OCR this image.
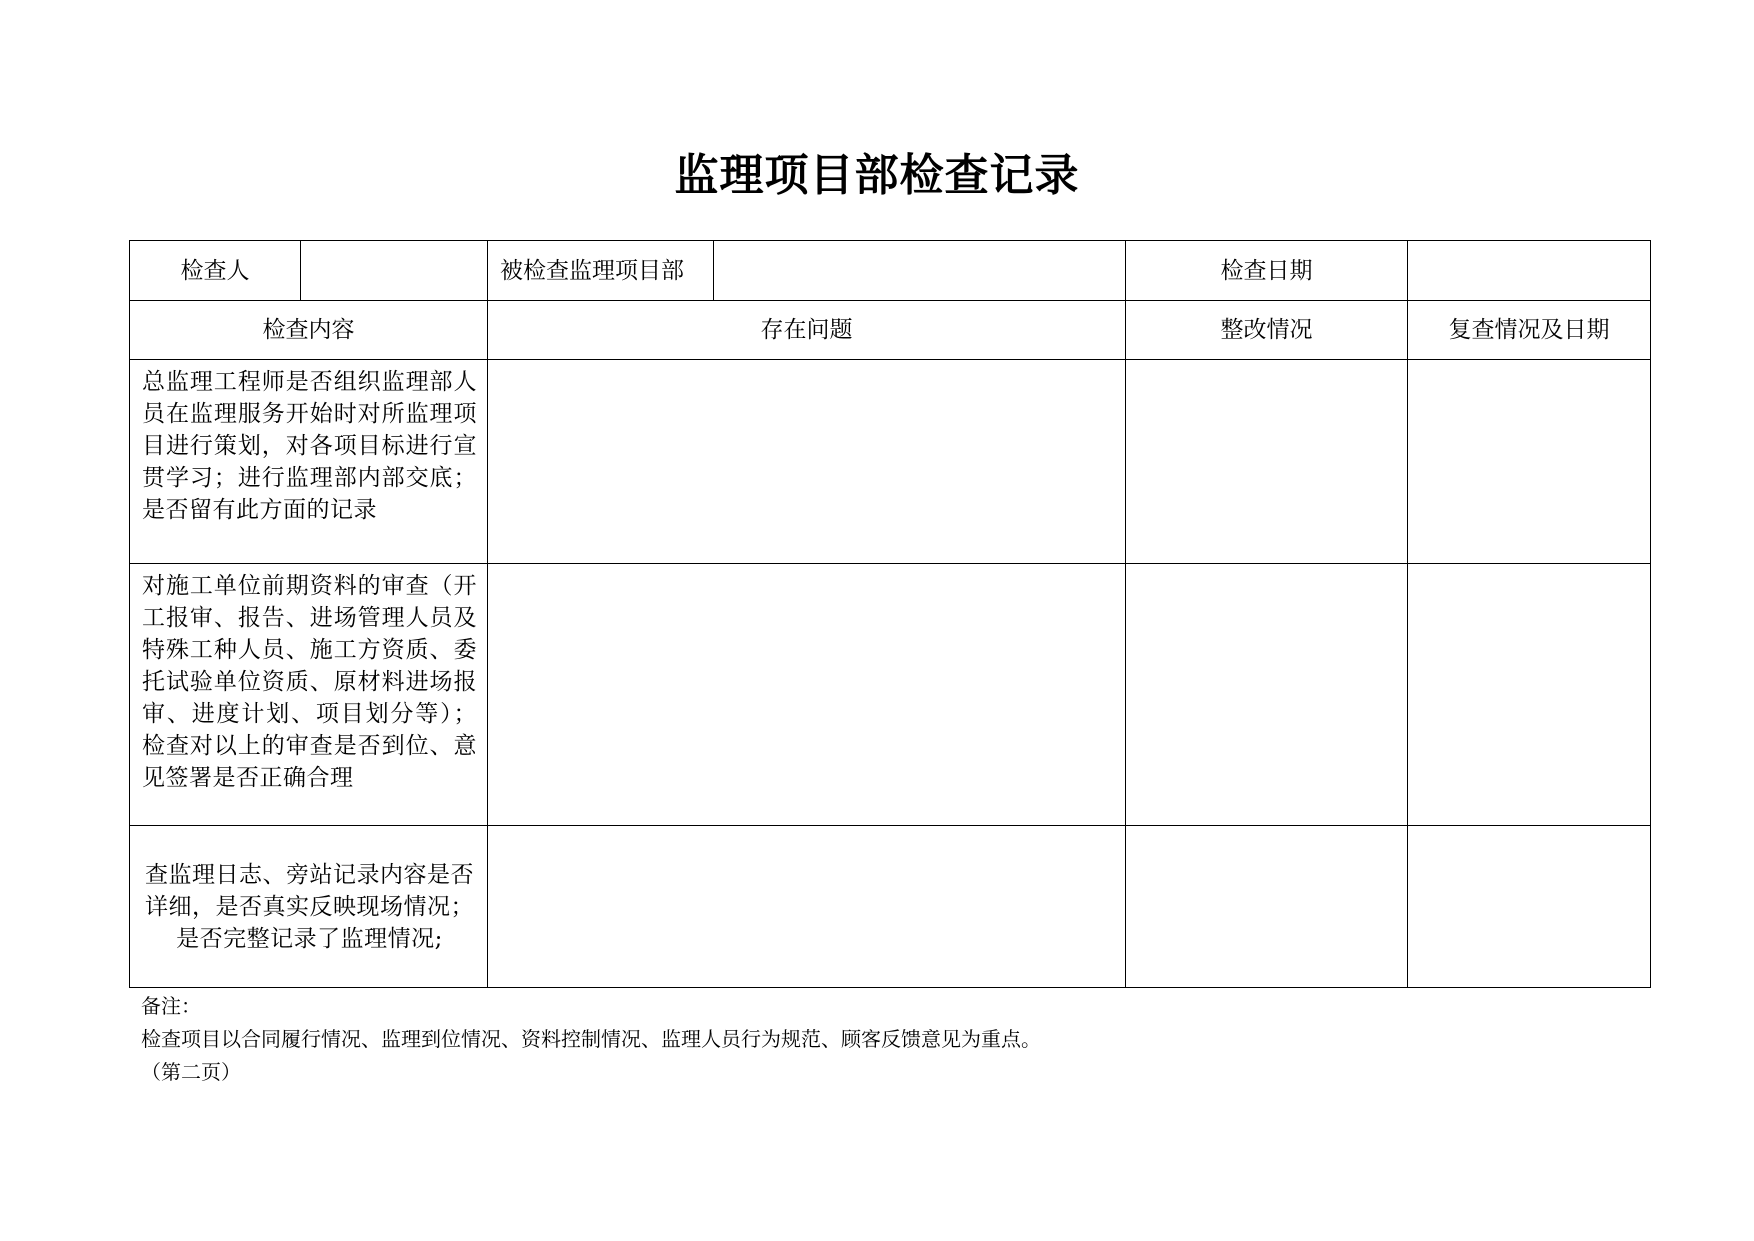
监理项目部检查记录
检查人		被检查监理项目部		检查日期	
检查内容		存在问题		整改情况	复查情况及日期
总监理工程师是否组织监理部人员在监理服务开始时对所监理项目进行策划，对各项目标进行宣贯学习；进行监理部内部交底；是否留有此方面的记录					
对施工单位前期资料的审查（开工报审、报告、进场管理人员及特殊工种人员、施工方资质、委托试验单位资质、原材料进场报审、进度计划、项目划分等）；检查对以上的审查是否到位、意见签署是否正确合理					
查监理日志、旁站记录内容是否详细，是否真实反映现场情况；是否完整记录了监理情况;					
备注：
检查项目以合同履行情况、监理到位情况、资料控制情况、监理人员行为规范、顾客反馈意见为重点。
（第二页）
